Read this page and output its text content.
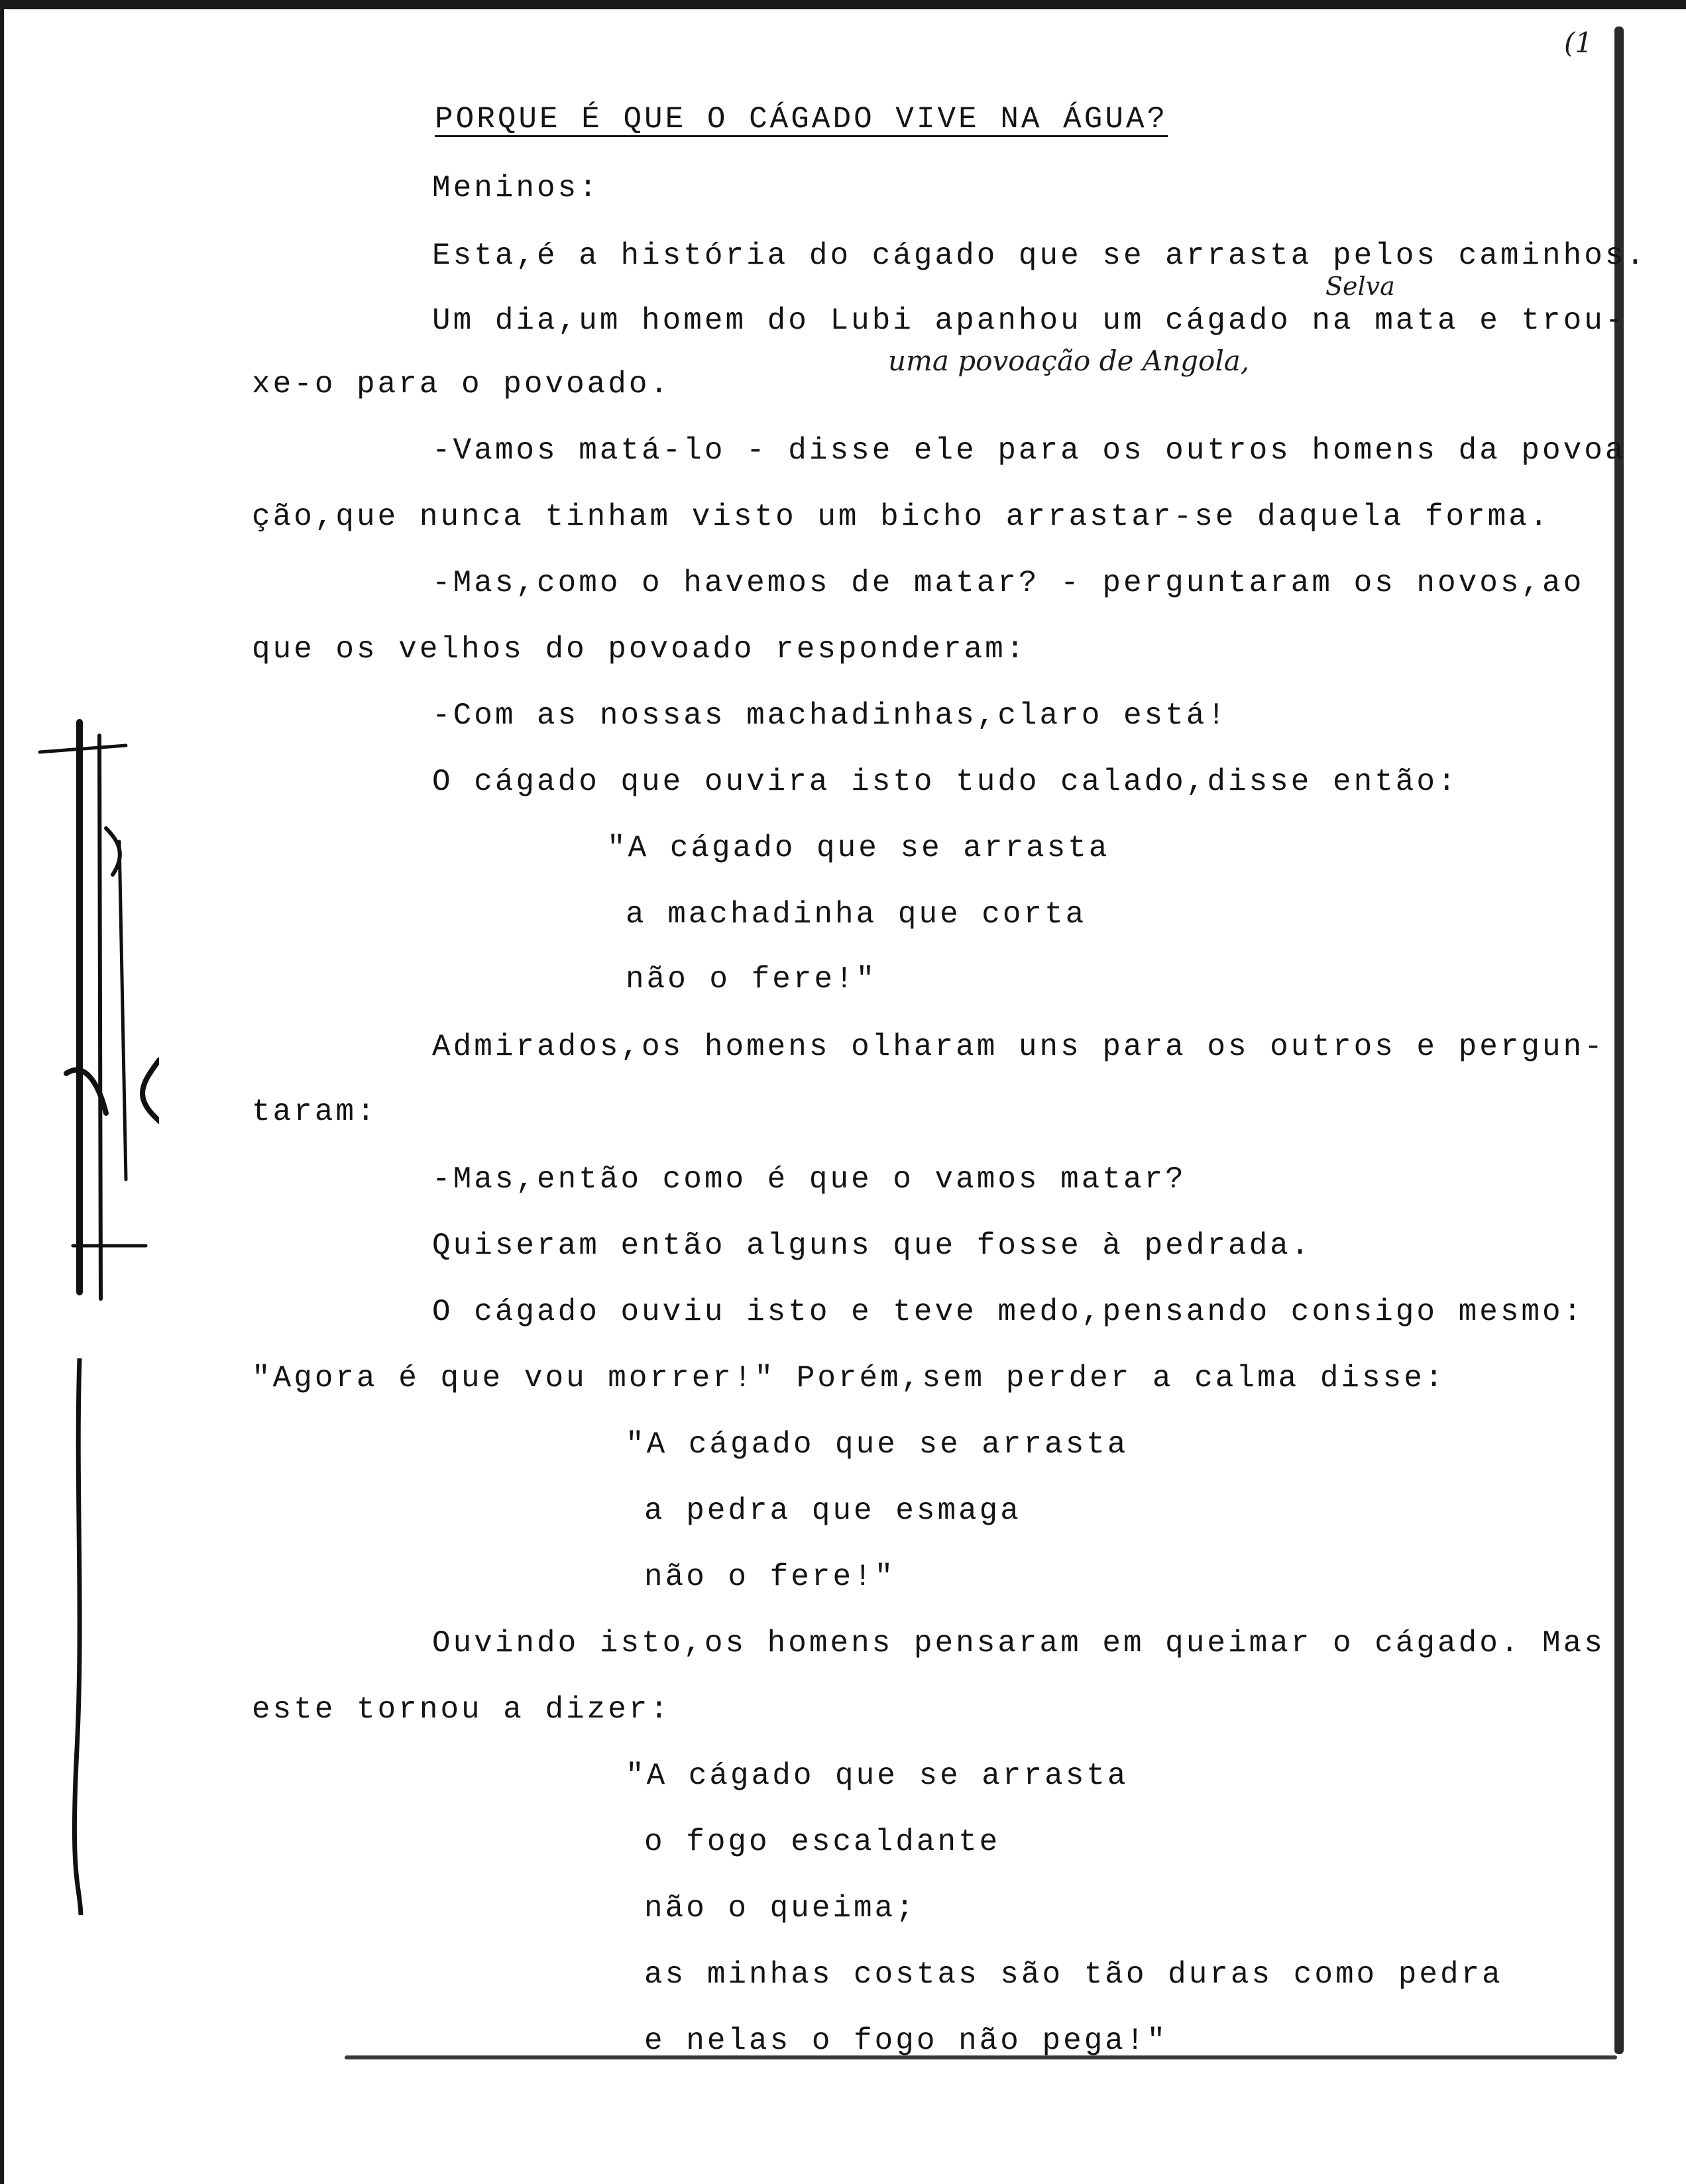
(1
PORQUE É QUE O CÁGADO VIVE NA ÁGUA?
Meninos:
Esta,é a história do cágado que se arrasta pelos caminhos.
Um dia,um homem do Lubi apanhou um cágado na mata e trou-
xe-o para o povoado.
-Vamos matá-lo - disse ele para os outros homens da povoa
ção,que nunca tinham visto um bicho arrastar-se daquela forma.
-Mas,como o havemos de matar? - perguntaram os novos,ao
que os velhos do povoado responderam:
-Com as nossas machadinhas,claro está!
O cágado que ouvira isto tudo calado,disse então:
"A cágado que se arrasta
a machadinha que corta
não o fere!"
Admirados,os homens olharam uns para os outros e pergun-
taram:
-Mas,então como é que o vamos matar?
Quiseram então alguns que fosse à pedrada.
O cágado ouviu isto e teve medo,pensando consigo mesmo:
"Agora é que vou morrer!" Porém,sem perder a calma disse:
"A cágado que se arrasta
a pedra que esmaga
não o fere!"
Ouvindo isto,os homens pensaram em queimar o cágado. Mas
este tornou a dizer:
"A cágado que se arrasta
o fogo escaldante
não o queima;
as minhas costas são tão duras como pedra
e nelas o fogo não pega!"
Selva
uma povoação de Angola,
